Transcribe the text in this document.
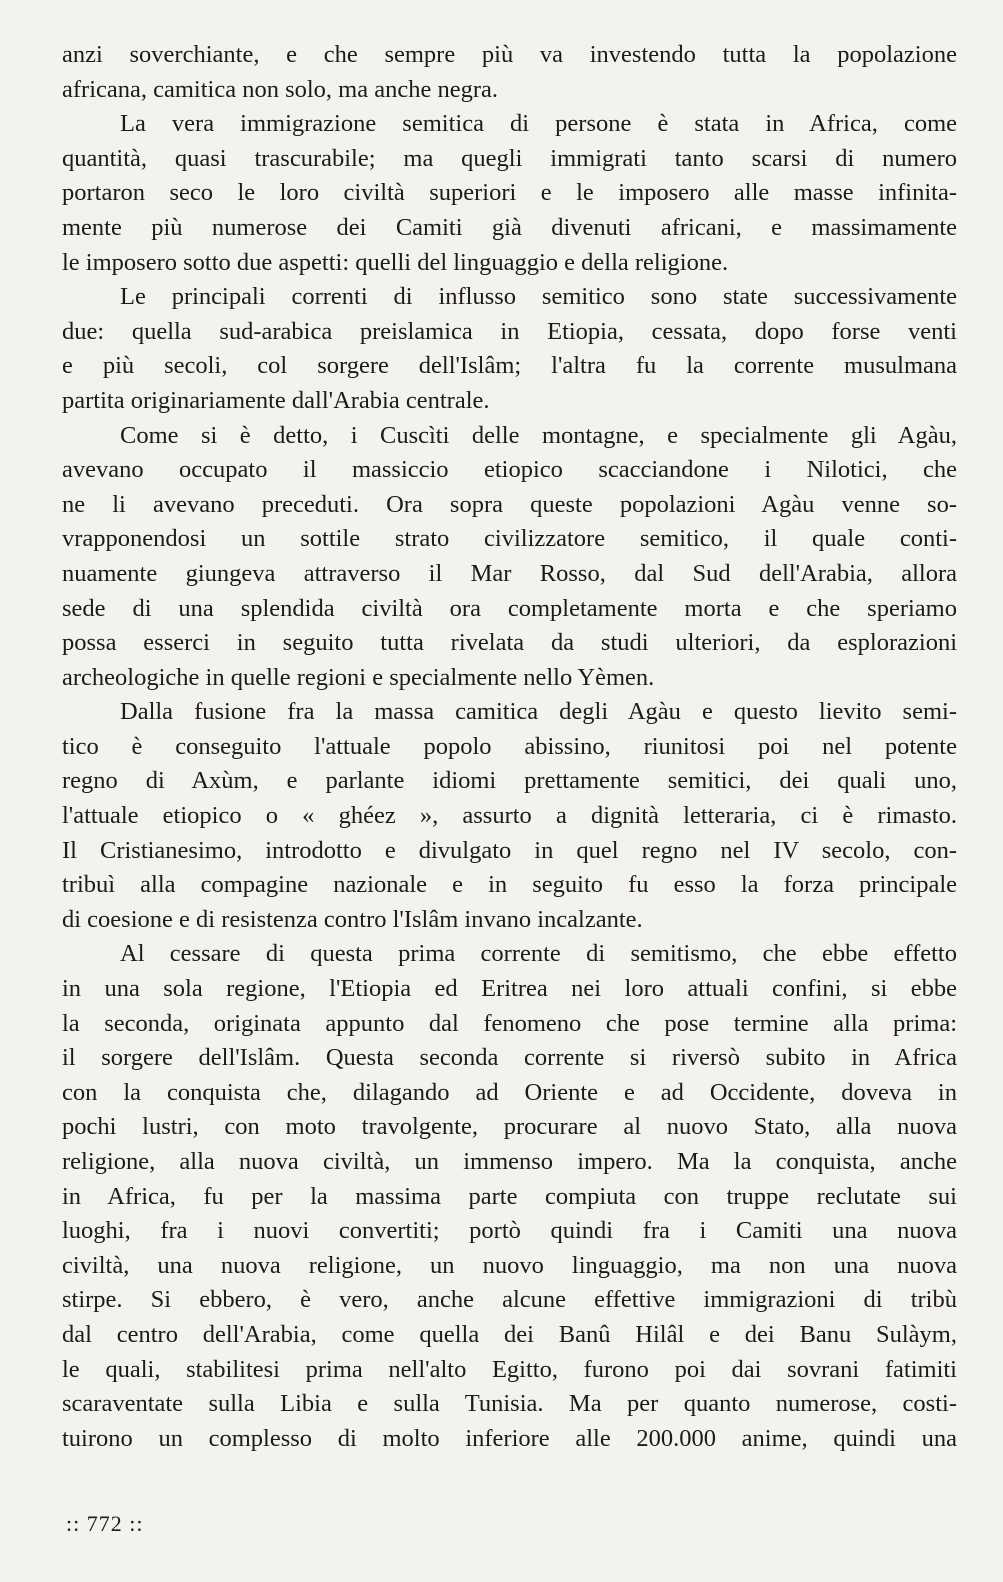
anzi soverchiante, e che sempre più va investendo tutta la popolazione
africana, camitica non solo, ma anche negra.
La vera immigrazione semitica di persone è stata in Africa, come
quantità, quasi trascurabile; ma quegli immigrati tanto scarsi di numero
portaron seco le loro civiltà superiori e le imposero alle masse infinita-
mente più numerose dei Camiti già divenuti africani, e massimamente
le imposero sotto due aspetti: quelli del linguaggio e della religione.
Le principali correnti di influsso semitico sono state successivamente
due: quella sud-arabica preislamica in Etiopia, cessata, dopo forse venti
e più secoli, col sorgere dell'Islâm; l'altra fu la corrente musulmana
partita originariamente dall'Arabia centrale.
Come si è detto, i Cuscìti delle montagne, e specialmente gli Agàu,
avevano occupato il massiccio etiopico scacciandone i Nilotici, che
ne li avevano preceduti. Ora sopra queste popolazioni Agàu venne so-
vrapponendosi un sottile strato civilizzatore semitico, il quale conti-
nuamente giungeva attraverso il Mar Rosso, dal Sud dell'Arabia, allora
sede di una splendida civiltà ora completamente morta e che speriamo
possa esserci in seguito tutta rivelata da studi ulteriori, da esplorazioni
archeologiche in quelle regioni e specialmente nello Yèmen.
Dalla fusione fra la massa camitica degli Agàu e questo lievito semi-
tico è conseguito l'attuale popolo abissino, riunitosi poi nel potente
regno di Axùm, e parlante idiomi prettamente semitici, dei quali uno,
l'attuale etiopico o « ghéez », assurto a dignità letteraria, ci è rimasto.
Il Cristianesimo, introdotto e divulgato in quel regno nel IV secolo, con-
tribuì alla compagine nazionale e in seguito fu esso la forza principale
di coesione e di resistenza contro l'Islâm invano incalzante.
Al cessare di questa prima corrente di semitismo, che ebbe effetto
in una sola regione, l'Etiopia ed Eritrea nei loro attuali confini, si ebbe
la seconda, originata appunto dal fenomeno che pose termine alla prima:
il sorgere dell'Islâm. Questa seconda corrente si riversò subito in Africa
con la conquista che, dilagando ad Oriente e ad Occidente, doveva in
pochi lustri, con moto travolgente, procurare al nuovo Stato, alla nuova
religione, alla nuova civiltà, un immenso impero. Ma la conquista, anche
in Africa, fu per la massima parte compiuta con truppe reclutate sui
luoghi, fra i nuovi convertiti; portò quindi fra i Camiti una nuova
civiltà, una nuova religione, un nuovo linguaggio, ma non una nuova
stirpe. Si ebbero, è vero, anche alcune effettive immigrazioni di tribù
dal centro dell'Arabia, come quella dei Banû Hilâl e dei Banu Sulàym,
le quali, stabilitesi prima nell'alto Egitto, furono poi dai sovrani fatimiti
scaraventate sulla Libia e sulla Tunisia. Ma per quanto numerose, costi-
tuirono un complesso di molto inferiore alle 200.000 anime, quindi una
:: 772 ::
